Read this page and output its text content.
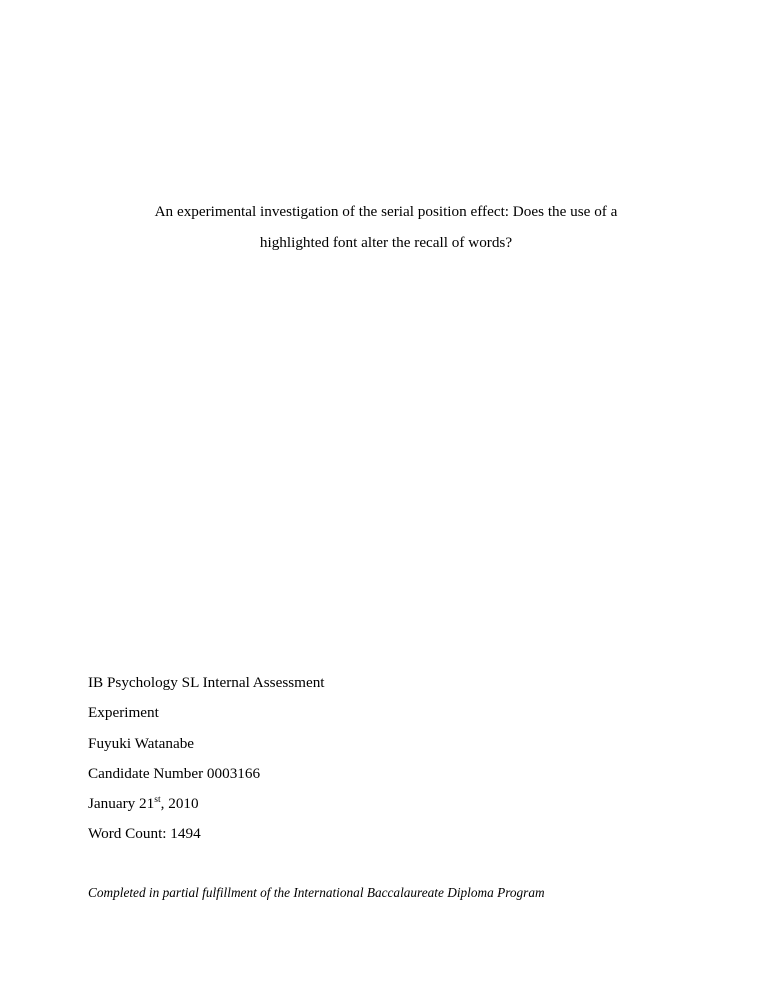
An experimental investigation of the serial position effect: Does the use of a
highlighted font alter the recall of words?
IB Psychology SL Internal Assessment
Experiment
Fuyuki Watanabe
Candidate Number 0003166
January 21st, 2010
Word Count: 1494
Completed in partial fulfillment of the International Baccalaureate Diploma Program
